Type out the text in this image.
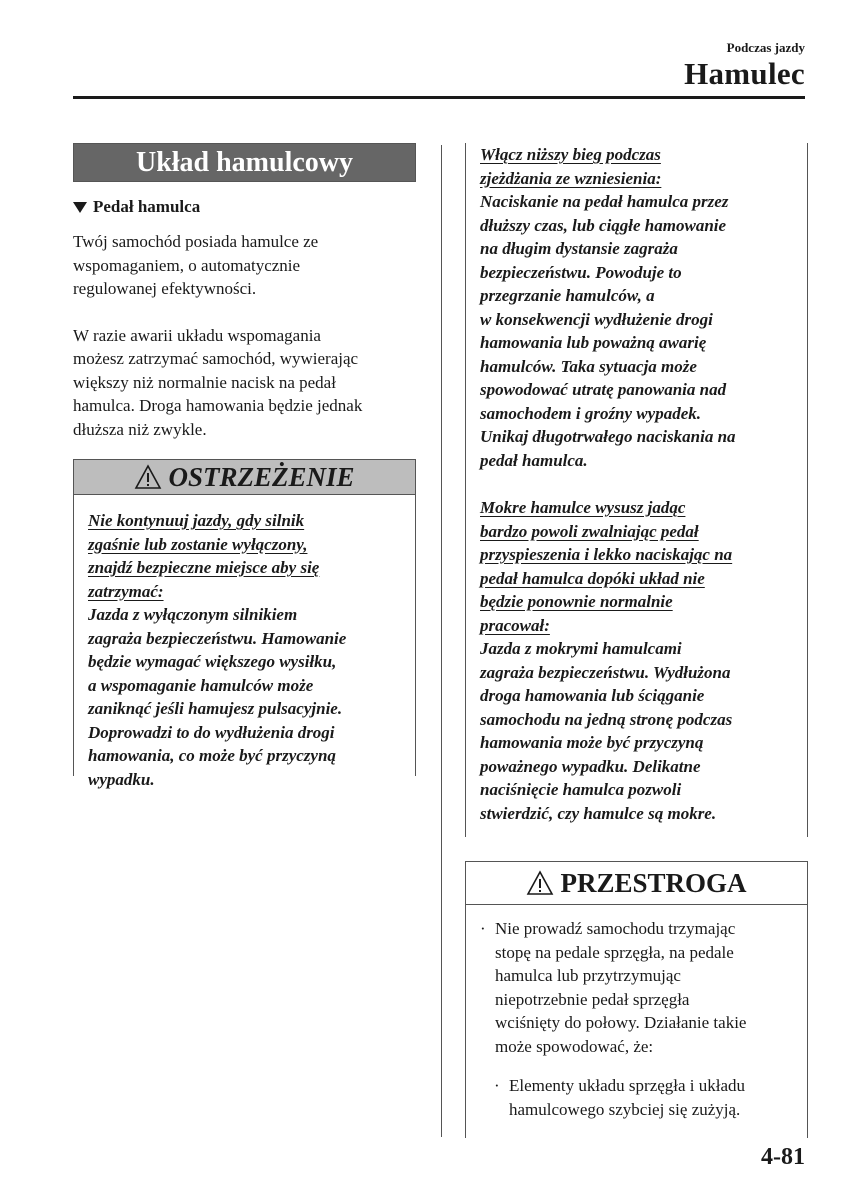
Podczas jazdy
Hamulec
Układ hamulcowy
Pedał hamulca
Twój samochód posiada hamulce ze
wspomaganiem, o automatycznie
regulowanej efektywności.
W razie awarii układu wspomagania
możesz zatrzymać samochód, wywierając
większy niż normalnie nacisk na pedał
hamulca. Droga hamowania będzie jednak
dłuższa niż zwykle.
OSTRZEŻENIE
Nie kontynuuj jazdy, gdy silnik
zgaśnie lub zostanie wyłączony,
znajdź bezpieczne miejsce aby się
zatrzymać:
Jazda z wyłączonym silnikiem
zagraża bezpieczeństwu. Hamowanie
będzie wymagać większego wysiłku,
a wspomaganie hamulców może
zaniknąć jeśli hamujesz pulsacyjnie.
Doprowadzi to do wydłużenia drogi
hamowania, co może być przyczyną
wypadku.
Włącz niższy bieg podczas
zjeżdżania ze wzniesienia:
Naciskanie na pedał hamulca przez
dłuższy czas, lub ciągłe hamowanie
na długim dystansie zagraża
bezpieczeństwu. Powoduje to
przegrzanie hamulców, a
w konsekwencji wydłużenie drogi
hamowania lub poważną awarię
hamulców. Taka sytuacja może
spowodować utratę panowania nad
samochodem i groźny wypadek.
Unikaj długotrwałego naciskania na
pedał hamulca.
Mokre hamulce wysusz jadąc
bardzo powoli zwalniając pedał
przyspieszenia i lekko naciskając na
pedał hamulca dopóki układ nie
będzie ponownie normalnie
pracował:
Jazda z mokrymi hamulcami
zagraża bezpieczeństwu. Wydłużona
droga hamowania lub ściąganie
samochodu na jedną stronę podczas
hamowania może być przyczyną
poważnego wypadku. Delikatne
naciśnięcie hamulca pozwoli
stwierdzić, czy hamulce są mokre.
PRZESTROGA
· Nie prowadź samochodu trzymając
stopę na pedale sprzęgła, na pedale
hamulca lub przytrzymując
niepotrzebnie pedał sprzęgła
wciśnięty do połowy. Działanie takie
może spowodować, że:
· Elementy układu sprzęgła i układu
hamulcowego szybciej się zużyją.
4-81
